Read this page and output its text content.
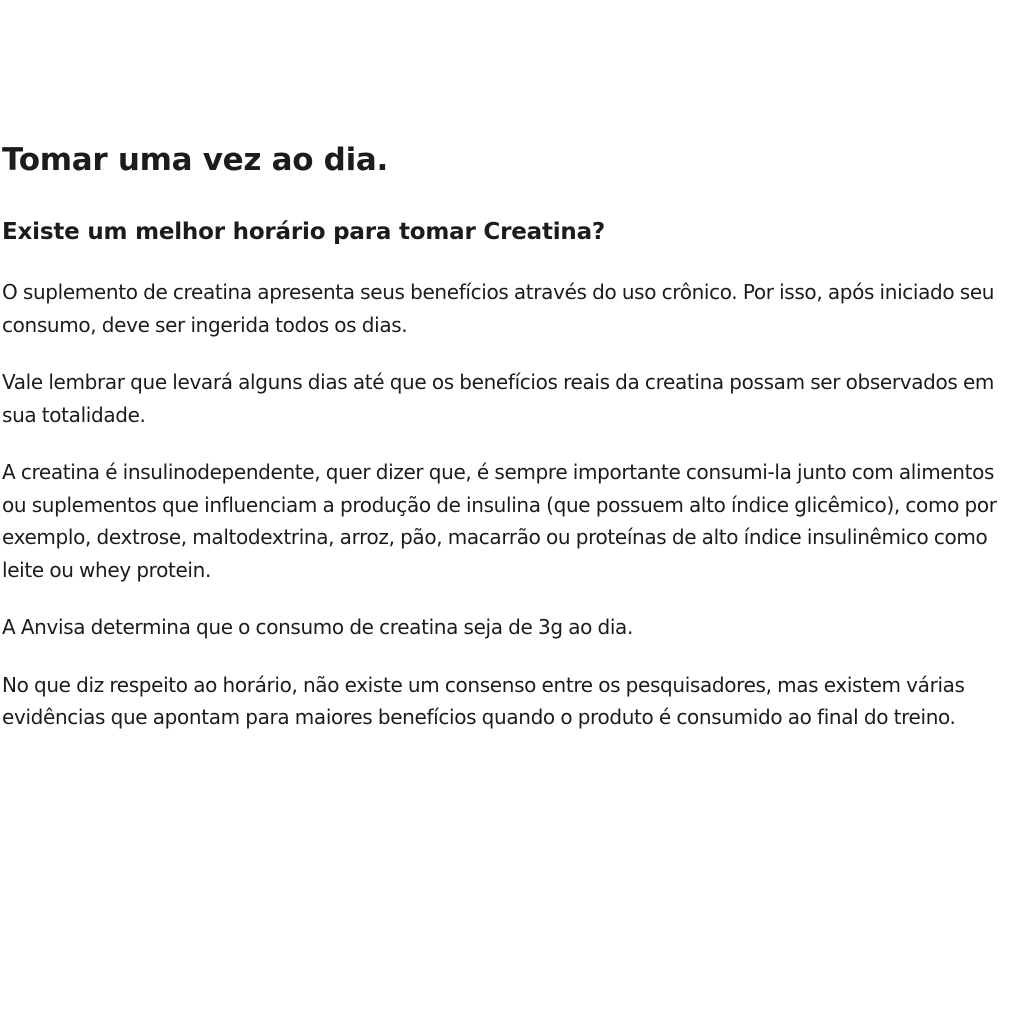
Tomar uma vez ao dia.
Existe um melhor horário para tomar Creatina?

O suplemento de creatina apresenta seus benefícios através do uso crônico. Por isso, após iniciado seu consumo, deve ser ingerida todos os dias.

Vale lembrar que levará alguns dias até que os benefícios reais da creatina possam ser observados em sua totalidade.

A creatina é insulinodependente, quer dizer que, é sempre importante consumi-la junto com alimentos ou suplementos que influenciam a produção de insulina (que possuem alto índice glicêmico), como por exemplo, dextrose, maltodextrina, arroz, pão, macarrão ou proteínas de alto índice insulinêmico como leite ou whey protein.

A Anvisa determina que o consumo de creatina seja de 3g ao dia.

No que diz respeito ao horário, não existe um consenso entre os pesquisadores, mas existem várias evidências que apontam para maiores benefícios quando o produto é consumido ao final do treino.
